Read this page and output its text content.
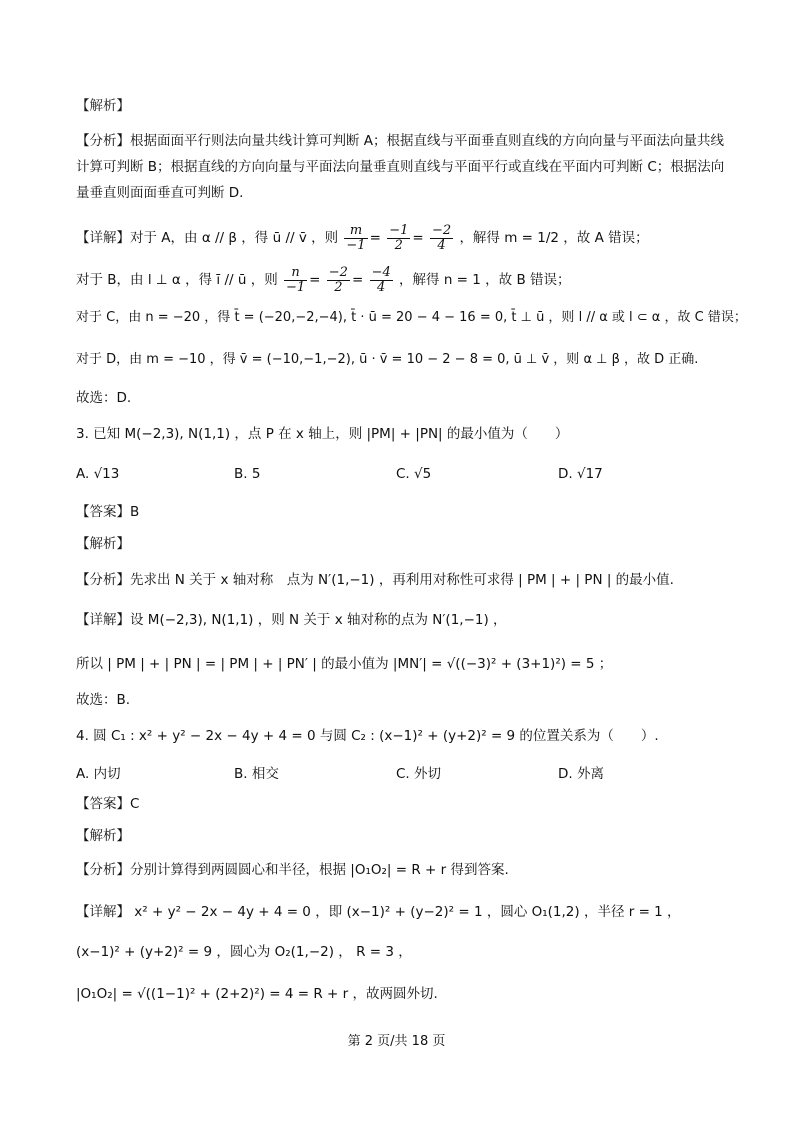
【解析】
【分析】根据面面平行则法向量共线计算可判断 A；根据直线与平面垂直则直线的方向向量与平面法向量共线计算可判断 B；根据直线的方向向量与平面法向量垂直则直线与平面平行或直线在平面内可判断 C；根据法向量垂直则面面垂直可判断 D.
【详解】对于 A，由 α // β ，得 ū // v̄ ，则 $\frac{m}{-1} = \frac{-1}{2} = \frac{-2}{4}$ ，解得 m = 1/2 ，故 A 错误；
对于 B，由 l ⊥ α ，得 ī // ū ，则 $\frac{n}{-1} = \frac{-2}{2} = \frac{-4}{4}$ ，解得 n = 1 ，故 B 错误；
对于 C，由 n = −20 ，得 t̄ = (−20,−2,−4), t̄ · ū = 20 − 4 − 16 = 0, t̄ ⊥ ū ，则 l // α 或 l ⊂ α ，故 C 错误；
对于 D，由 m = −10 ，得 v̄ = (−10,−1,−2), ū · v̄ = 10 − 2 − 8 = 0, ū ⊥ v̄ ，则 α ⊥ β ，故 D 正确.
故选：D.
3. 已知 M(−2,3), N(1,1) ，点 P 在 x 轴上，则 |PM| + |PN| 的最小值为（　　）
A. √13	B. 5	C. √5	D. √17
【答案】B
【解析】
【分析】先求出 N 关于 x 轴对称　点为 N′(1,−1) ，再利用对称性可求得 | PM | + | PN | 的最小值.
【详解】设 M(−2,3), N(1,1) ，则 N 关于 x 轴对称的点为 N′(1,−1) ，
所以 | PM | + | PN | = | PM | + | PN′ | 的最小值为 |MN′| = √((−3)² + (3+1)²) = 5 ；
故选：B.
4. 圆 C₁ : x² + y² − 2x − 4y + 4 = 0 与圆 C₂ : (x−1)² + (y+2)² = 9 的位置关系为（　　）.
A. 内切	B. 相交	C. 外切	D. 外离
【答案】C
【解析】
【分析】分别计算得到两圆圆心和半径，根据 |O₁O₂| = R + r 得到答案.
【详解】 x² + y² − 2x − 4y + 4 = 0 ，即 (x−1)² + (y−2)² = 1 ，圆心 O₁(1,2) ，半径 r = 1 ，
(x−1)² + (y+2)² = 9 ，圆心为 O₂(1,−2) ， R = 3 ，
|O₁O₂| = √((1−1)² + (2+2)²) = 4 = R + r ，故两圆外切.
第 2 页/共 18 页
